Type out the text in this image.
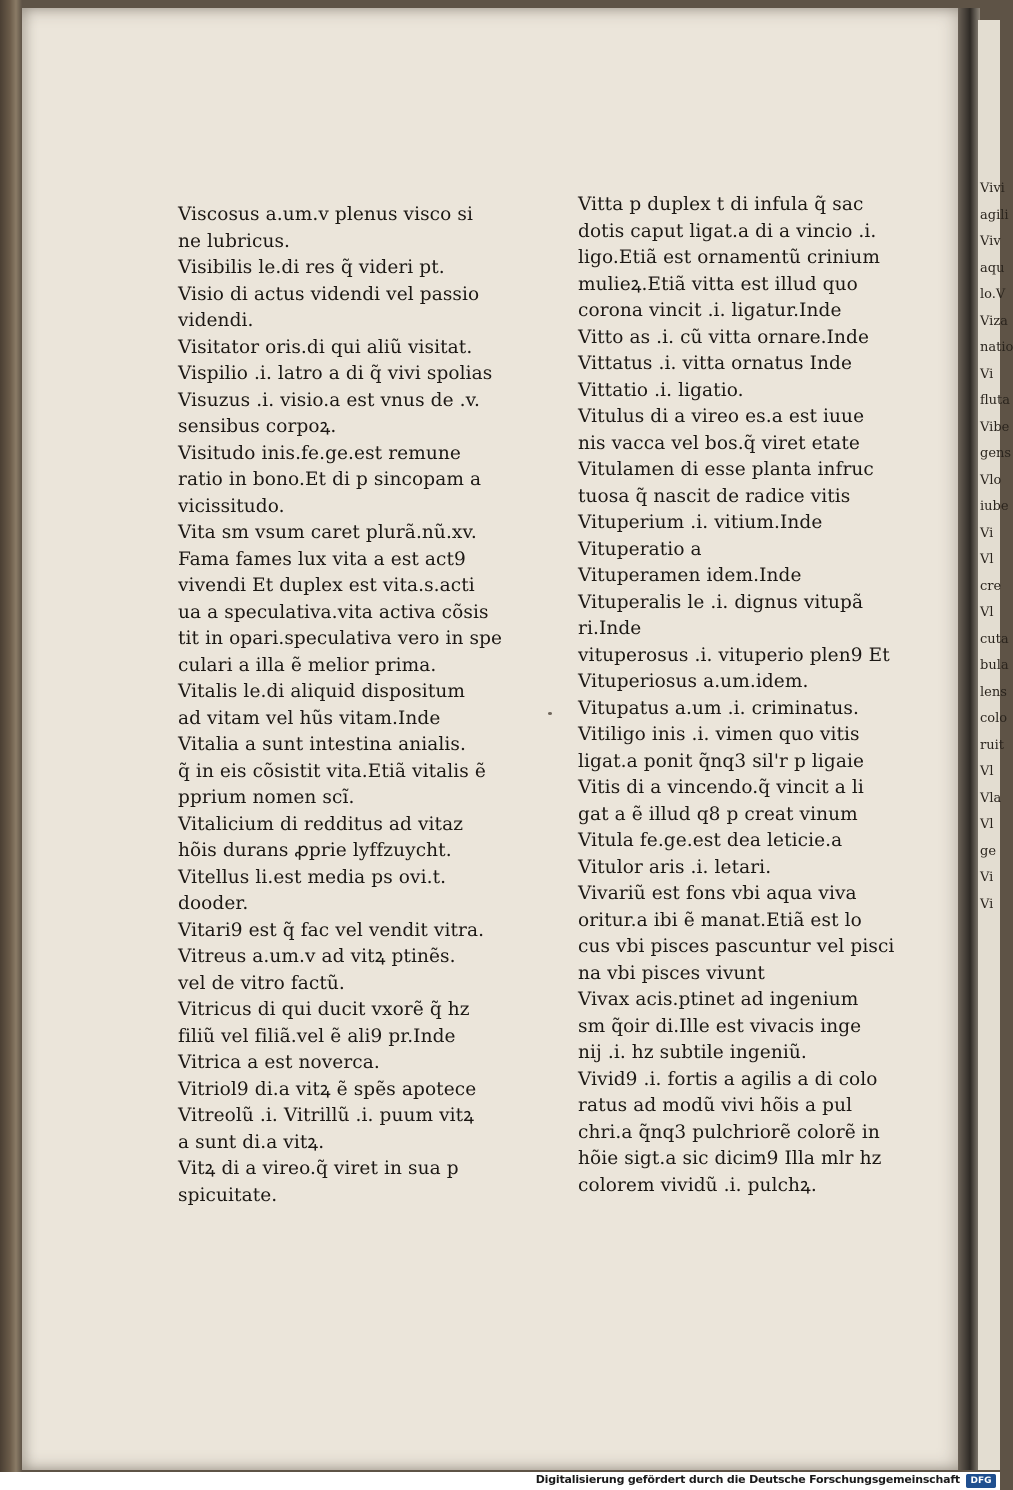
Vivi
agili
Viv
aqu
lo.V
Viza
natio
Vi
fluta
Vibe
gens
Vlo
iube
Vi
Vl
cre
Vl
cuta
bula
lens
colo
ruit
Vl
Vla
Vl
ge
Vi
Vi
Viscosus a.um.v plenus visco si
ne lubricus.
Visibilis le.di res q̃ videri pt.
Visio di actus videndi vel passio
videndi.
Visitator oris.di qui aliũ visitat.
Vispilio .i. latro a di q̃ vivi spolias
Visuzus .i. visio.a est vnus de .v.
sensibus corpoꝝ.
Visitudo inis.fe.ge.est remune
ratio in bono.Et di p sincopam a
vicissitudo.
Vita sm vsum caret plurã.nũ.xv.
Fama fames lux vita a est act9
vivendi Et duplex est vita.s.acti
ua a speculativa.vita activa cõsis
tit in opari.speculativa vero in spe
culari a illa ẽ melior prima.
Vitalis le.di aliquid dispositum
ad vitam vel hũs vitam.Inde
Vitalia a sunt intestina anialis.
q̃ in eis cõsistit vita.Etiã vitalis ẽ
pprium nomen scĩ.
Vitalicium di redditus ad vitaz
hõis durans ꝓprie lyffzuycht.
Vitellus li.est media ps ovi.t.
dooder.
Vitari9 est q̃ fac vel vendit vitra.
Vitreus a.um.v ad vitꝝ ptinẽs.
vel de vitro factũ.
Vitricus di qui ducit vxorẽ q̃ hz
filiũ vel filiã.vel ẽ ali9 pr.Inde
Vitrica a est noverca.
Vitriol9 di.a vitꝝ ẽ spẽs apotece
Vitreolũ .i. Vitrillũ .i. puum vitꝝ
a sunt di.a vitꝝ.
Vitꝝ di a vireo.q̃ viret in sua p
spicuitate.
Vitta p duplex t di infula q̃ sac
dotis caput ligat.a di a vincio .i.
ligo.Etiã est ornamentũ crinium
mulieꝝ.Etiã vitta est illud quo
corona vincit .i. ligatur.Inde
Vitto as .i. cũ vitta ornare.Inde
Vittatus .i. vitta ornatus Inde
Vittatio .i. ligatio.
Vitulus di a vireo es.a est iuue
nis vacca vel bos.q̃ viret etate
Vitulamen di esse planta infruc
tuosa q̃ nascit de radice vitis
Vituperium .i. vitium.Inde
Vituperatio a
Vituperamen idem.Inde
Vituperalis le .i. dignus vitupã
ri.Inde
vituperosus .i. vituperio plen9 Et
Vituperiosus a.um.idem.
Vitupatus a.um .i. criminatus.
Vitiligo inis .i. vimen quo vitis
ligat.a ponit q̃nq3 sil'r p ligaie
Vitis di a vincendo.q̃ vincit a li
gat a ẽ illud q8 p creat vinum
Vitula fe.ge.est dea leticie.a
Vitulor aris .i. letari.
Vivariũ est fons vbi aqua viva
oritur.a ibi ẽ manat.Etiã est lo
cus vbi pisces pascuntur vel pisci
na vbi pisces vivunt
Vivax acis.ptinet ad ingenium
sm q̃oir di.Ille est vivacis inge
nij .i. hz subtile ingeniũ.
Vivid9 .i. fortis a agilis a di colo
ratus ad modũ vivi hõis a pul
chri.a q̃nq3 pulchriorẽ colorẽ in
hõie sigt.a sic dicim9 Illa mlr hz
colorem vividũ .i. pulchꝝ.
Digitalisierung gefördert durch die Deutsche Forschungsgemeinschaft	DFG
